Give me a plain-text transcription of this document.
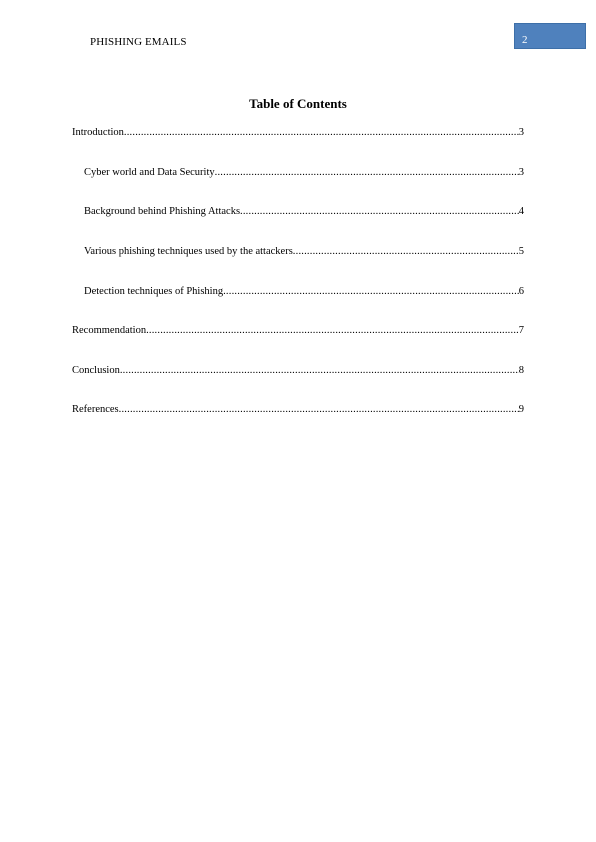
PHISHING EMAILS	2
Table of Contents
Introduction .....	3
Cyber world and Data Security .....	3
Background behind Phishing Attacks .....	4
Various phishing techniques used by the attackers .....	5
Detection techniques of Phishing .....	6
Recommendation .....	7
Conclusion .....	8
References .....	9
